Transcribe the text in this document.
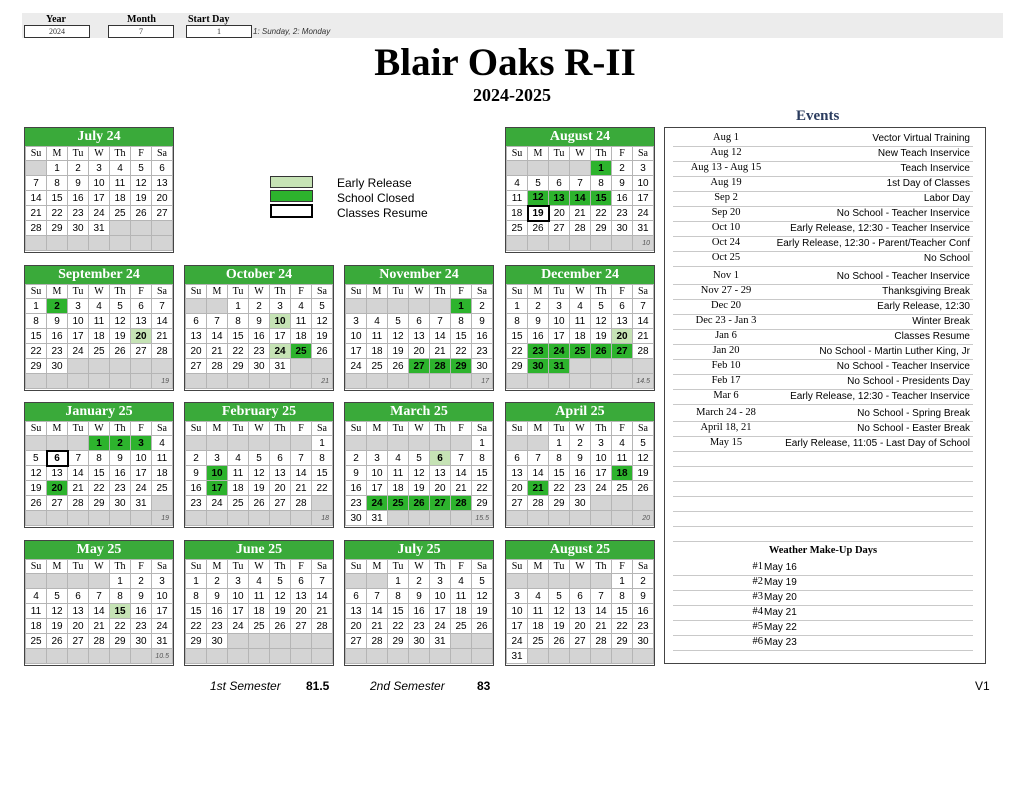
Year
2024
Month
7
Start Day
1	1: Sunday, 2: Monday
Blair Oaks R-II
2024-2025
Early Release
School Closed
Classes Resume
July 24
Su	M	Tu	W	Th	F	Sa
	1	2	3	4	5	6
7	8	9	10	11	12	13
14	15	16	17	18	19	20
21	22	23	24	25	26	27
28	29	30	31			

August 24
Su	M	Tu	W	Th	F	Sa
				1	2	3
4	5	6	7	8	9	10
11	12	13	14	15	16	17
18	19	20	21	22	23	24
25	26	27	28	29	30	31
						10
September 24
Su	M	Tu	W	Th	F	Sa
1	2	3	4	5	6	7
8	9	10	11	12	13	14
15	16	17	18	19	20	21
22	23	24	25	26	27	28
29	30					
						19
October 24
Su	M	Tu	W	Th	F	Sa
		1	2	3	4	5
6	7	8	9	10	11	12
13	14	15	16	17	18	19
20	21	22	23	24	25	26
27	28	29	30	31		
						21
November 24
Su	M	Tu	W	Th	F	Sa
					1	2
3	4	5	6	7	8	9
10	11	12	13	14	15	16
17	18	19	20	21	22	23
24	25	26	27	28	29	30
						17
December 24
Su	M	Tu	W	Th	F	Sa
1	2	3	4	5	6	7
8	9	10	11	12	13	14
15	16	17	18	19	20	21
22	23	24	25	26	27	28
29	30	31				
						14.5
January 25
Su	M	Tu	W	Th	F	Sa
			1	2	3	4
5	6	7	8	9	10	11
12	13	14	15	16	17	18
19	20	21	22	23	24	25
26	27	28	29	30	31	
						19
February 25
Su	M	Tu	W	Th	F	Sa
						1
2	3	4	5	6	7	8
9	10	11	12	13	14	15
16	17	18	19	20	21	22
23	24	25	26	27	28	
						18
March 25
Su	M	Tu	W	Th	F	Sa
						1
2	3	4	5	6	7	8
9	10	11	12	13	14	15
16	17	18	19	20	21	22
23	24	25	26	27	28	29
30	31					15.5
April 25
Su	M	Tu	W	Th	F	Sa
		1	2	3	4	5
6	7	8	9	10	11	12
13	14	15	16	17	18	19
20	21	22	23	24	25	26
27	28	29	30			
						20
May 25
Su	M	Tu	W	Th	F	Sa
				1	2	3
4	5	6	7	8	9	10
11	12	13	14	15	16	17
18	19	20	21	22	23	24
25	26	27	28	29	30	31
						10.5
June 25
Su	M	Tu	W	Th	F	Sa
1	2	3	4	5	6	7
8	9	10	11	12	13	14
15	16	17	18	19	20	21
22	23	24	25	26	27	28
29	30					

July 25
Su	M	Tu	W	Th	F	Sa
		1	2	3	4	5
6	7	8	9	10	11	12
13	14	15	16	17	18	19
20	21	22	23	24	25	26
27	28	29	30	31		

August 25
Su	M	Tu	W	Th	F	Sa
					1	2
3	4	5	6	7	8	9
10	11	12	13	14	15	16
17	18	19	20	21	22	23
24	25	26	27	28	29	30
31						
Events
Aug 1	Vector Virtual Training
Aug 12	New Teach Inservice
Aug 13 - Aug 15	Teach Inservice
Aug 19	1st Day of Classes
Sep 2	Labor Day
Sep 20	No School - Teacher Inservice
Oct 10	Early Release, 12:30 - Teacher Inservice
Oct 24	Early Release, 12:30 - Parent/Teacher Conf
Oct 25	No School
Nov 1	No School - Teacher Inservice
Nov 27 - 29	Thanksgiving Break
Dec 20	Early Release, 12:30
Dec 23 - Jan 3	Winter Break
Jan 6	Classes Resume
Jan 20	No School - Martin Luther King, Jr
Feb 10	No School - Teacher Inservice
Feb 17	No School - Presidents Day
Mar 6	Early Release, 12:30 - Teacher Inservice
March 24 - 28	No School - Spring Break
April 18, 21	No School - Easter Break
May 15	Early Release, 11:05 - Last Day of School
Weather Make-Up Days
#1 May 16
#2 May 19
#3 May 20
#4 May 21
#5 May 22
#6 May 23
1st Semester 81.5	2nd Semester	83	V1
